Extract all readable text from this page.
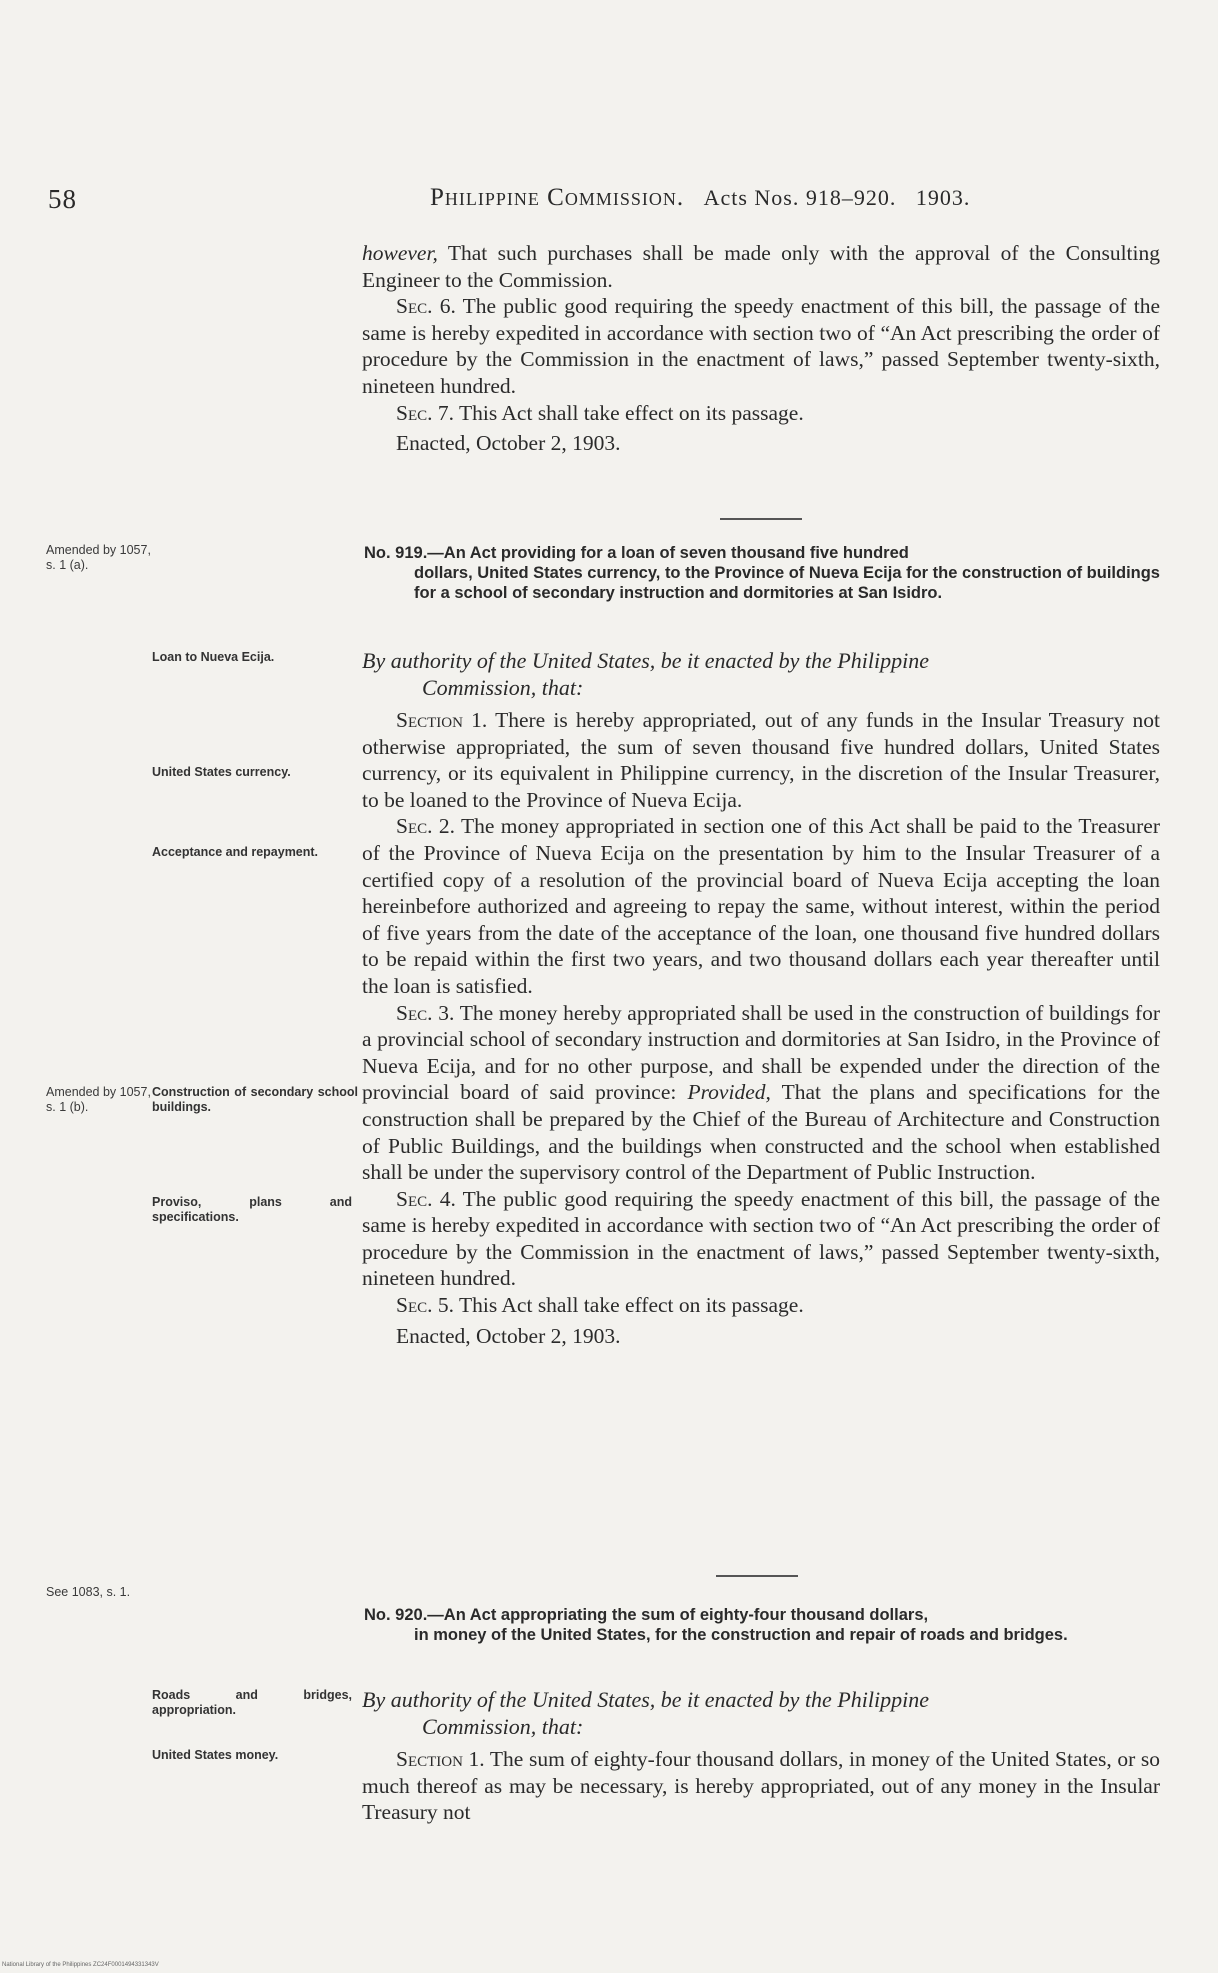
58	Philippine Commission. Acts Nos. 918–920. 1903.

however, That such purchases shall be made only with the approval of the Consulting Engineer to the Commission.

Sec. 6. The public good requiring the speedy enactment of this bill, the passage of the same is hereby expedited in accordance with section two of “An Act prescribing the order of procedure by the Commission in the enactment of laws,” passed September twenty-sixth, nineteen hundred.

Sec. 7. This Act shall take effect on its passage.

Enacted, October 2, 1903.

No. 919.—An Act providing for a loan of seven thousand five hundred
dollars, United States currency, to the Province of Nueva Ecija for the construction of buildings for a school of secondary instruction and dormitories at San Isidro.
By authority of the United States, be it enacted by the Philippine
Commission, that:

Section 1. There is hereby appropriated, out of any funds in the Insular Treasury not otherwise appropriated, the sum of seven thousand five hundred dollars, United States currency, or its equivalent in Philippine currency, in the discretion of the Insular Treasurer, to be loaned to the Province of Nueva Ecija.

Sec. 2. The money appropriated in section one of this Act shall be paid to the Treasurer of the Province of Nueva Ecija on the presentation by him to the Insular Treasurer of a certified copy of a resolution of the provincial board of Nueva Ecija accepting the loan hereinbefore authorized and agreeing to repay the same, without interest, within the period of five years from the date of the acceptance of the loan, one thousand five hundred dollars to be repaid within the first two years, and two thousand dollars each year thereafter until the loan is satisfied.

Sec. 3. The money hereby appropriated shall be used in the construction of buildings for a provincial school of secondary instruction and dormitories at San Isidro, in the Province of Nueva Ecija, and for no other purpose, and shall be expended under the direction of the provincial board of said province: Provided, That the plans and specifications for the construction shall be prepared by the Chief of the Bureau of Architecture and Construction of Public Buildings, and the buildings when constructed and the school when established shall be under the supervisory control of the Department of Public Instruction.

Sec. 4. The public good requiring the speedy enactment of this bill, the passage of the same is hereby expedited in accordance with section two of “An Act prescribing the order of procedure by the Commission in the enactment of laws,” passed September twenty-sixth, nineteen hundred.

Sec. 5. This Act shall take effect on its passage.

Enacted, October 2, 1903.

No. 920.—An Act appropriating the sum of eighty-four thousand dollars,
in money of the United States, for the construction and repair of roads and bridges.
By authority of the United States, be it enacted by the Philippine
Commission, that:

Section 1. The sum of eighty-four thousand dollars, in money of the United States, or so much thereof as may be necessary, is hereby appropriated, out of any money in the Insular Treasury not

Amended by 1057, s. 1 (a).
Loan to Nueva Ecija.
United States currency.
Acceptance and repayment.
Amended by 1057, s. 1 (b).
Construction of secondary school buildings.
Proviso, plans and specifications.
See 1083, s. 1.
Roads and bridges, appropriation.
United States money.
National Library of the Philippines ZC24F0001494331343V
